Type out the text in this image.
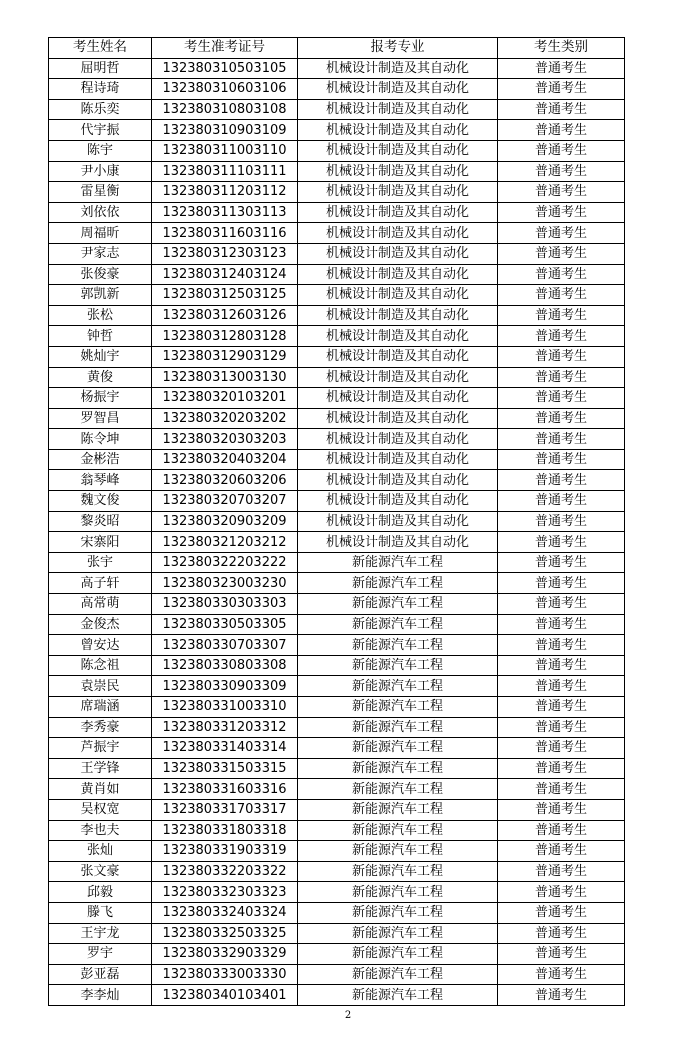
考生姓名	考生准考证号	报考专业	考生类别
屈明哲	132380310503105	机械设计制造及其自动化	普通考生
程诗琦	132380310603106	机械设计制造及其自动化	普通考生
陈乐奕	132380310803108	机械设计制造及其自动化	普通考生
代宇振	132380310903109	机械设计制造及其自动化	普通考生
陈宇	132380311003110	机械设计制造及其自动化	普通考生
尹小康	132380311103111	机械设计制造及其自动化	普通考生
雷星衡	132380311203112	机械设计制造及其自动化	普通考生
刘依依	132380311303113	机械设计制造及其自动化	普通考生
周福昕	132380311603116	机械设计制造及其自动化	普通考生
尹家志	132380312303123	机械设计制造及其自动化	普通考生
张俊豪	132380312403124	机械设计制造及其自动化	普通考生
郭凯新	132380312503125	机械设计制造及其自动化	普通考生
张松	132380312603126	机械设计制造及其自动化	普通考生
钟哲	132380312803128	机械设计制造及其自动化	普通考生
姚灿宇	132380312903129	机械设计制造及其自动化	普通考生
黄俊	132380313003130	机械设计制造及其自动化	普通考生
杨振宇	132380320103201	机械设计制造及其自动化	普通考生
罗智昌	132380320203202	机械设计制造及其自动化	普通考生
陈令坤	132380320303203	机械设计制造及其自动化	普通考生
金彬浩	132380320403204	机械设计制造及其自动化	普通考生
翁琴峰	132380320603206	机械设计制造及其自动化	普通考生
魏文俊	132380320703207	机械设计制造及其自动化	普通考生
黎炎昭	132380320903209	机械设计制造及其自动化	普通考生
宋寨阳	132380321203212	机械设计制造及其自动化	普通考生
张宇	132380322203222	新能源汽车工程	普通考生
高子轩	132380323003230	新能源汽车工程	普通考生
高常萌	132380330303303	新能源汽车工程	普通考生
金俊杰	132380330503305	新能源汽车工程	普通考生
曾安达	132380330703307	新能源汽车工程	普通考生
陈念祖	132380330803308	新能源汽车工程	普通考生
袁崇民	132380330903309	新能源汽车工程	普通考生
席瑞涵	132380331003310	新能源汽车工程	普通考生
李秀豪	132380331203312	新能源汽车工程	普通考生
芦振宇	132380331403314	新能源汽车工程	普通考生
王学锋	132380331503315	新能源汽车工程	普通考生
黄肖如	132380331603316	新能源汽车工程	普通考生
吴权宽	132380331703317	新能源汽车工程	普通考生
李也夫	132380331803318	新能源汽车工程	普通考生
张灿	132380331903319	新能源汽车工程	普通考生
张文豪	132380332203322	新能源汽车工程	普通考生
邱毅	132380332303323	新能源汽车工程	普通考生
滕飞	132380332403324	新能源汽车工程	普通考生
王宇龙	132380332503325	新能源汽车工程	普通考生
罗宇	132380332903329	新能源汽车工程	普通考生
彭亚磊	132380333003330	新能源汽车工程	普通考生
李李灿	132380340103401	新能源汽车工程	普通考生
2
